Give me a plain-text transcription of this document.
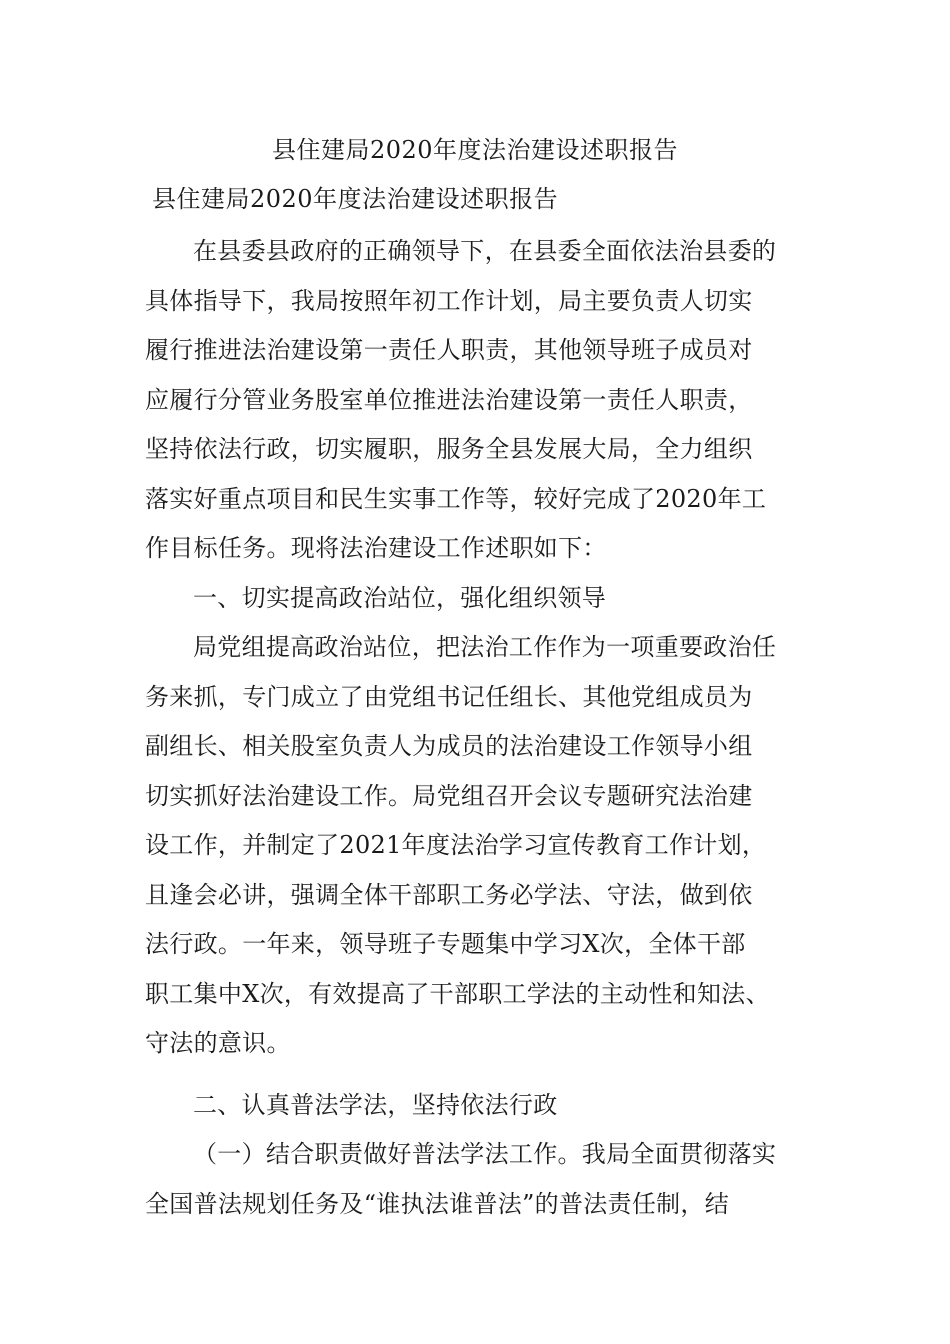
县住建局2020年度法治建设述职报告
县住建局2020年度法治建设述职报告
在县委县政府的正确领导下，在县委全面依法治县委的
具体指导下，我局按照年初工作计划，局主要负责人切实
履行推进法治建设第一责任人职责，其他领导班子成员对
应履行分管业务股室单位推进法治建设第一责任人职责，
坚持依法行政，切实履职，服务全县发展大局，全力组织
落实好重点项目和民生实事工作等，较好完成了2020年工
作目标任务。现将法治建设工作述职如下：
一、切实提高政治站位，强化组织领导
局党组提高政治站位，把法治工作作为一项重要政治任
务来抓，专门成立了由党组书记任组长、其他党组成员为
副组长、相关股室负责人为成员的法治建设工作领导小组
切实抓好法治建设工作。局党组召开会议专题研究法治建
设工作，并制定了2021年度法治学习宣传教育工作计划，
且逢会必讲，强调全体干部职工务必学法、守法，做到依
法行政。一年来，领导班子专题集中学习X次，全体干部
职工集中X次，有效提高了干部职工学法的主动性和知法、
守法的意识。
二、认真普法学法，坚持依法行政
（一）结合职责做好普法学法工作。我局全面贯彻落实
全国普法规划任务及“谁执法谁普法”的普法责任制，结
